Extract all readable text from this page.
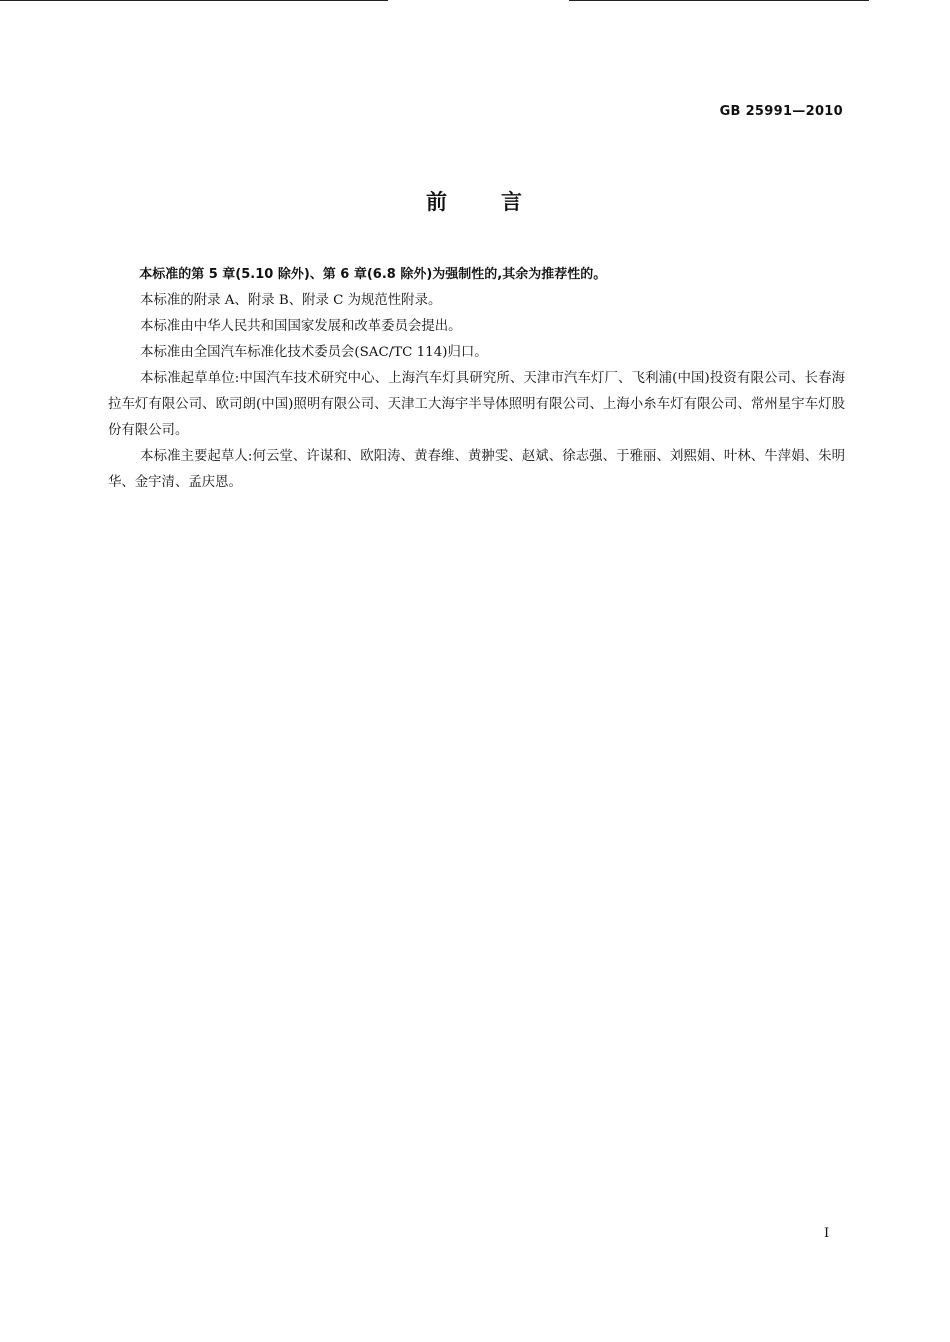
GB 25991—2010
前 言

本标准的第 5 章(5.10 除外)、第 6 章(6.8 除外)为强制性的,其余为推荐性的。

本标准的附录 A、附录 B、附录 C 为规范性附录。

本标准由中华人民共和国国家发展和改革委员会提出。

本标准由全国汽车标准化技术委员会(SAC/TC 114)归口。

本标准起草单位:中国汽车技术研究中心、上海汽车灯具研究所、天津市汽车灯厂、飞利浦(中国)投资有限公司、长春海拉车灯有限公司、欧司朗(中国)照明有限公司、天津工大海宇半导体照明有限公司、上海小糸车灯有限公司、常州星宇车灯股份有限公司。

本标准主要起草人:何云堂、许谋和、欧阳涛、黄春维、黄翀雯、赵斌、徐志强、于雅丽、刘熙娟、叶林、牛萍娟、朱明华、金宇清、孟庆恩。

I
